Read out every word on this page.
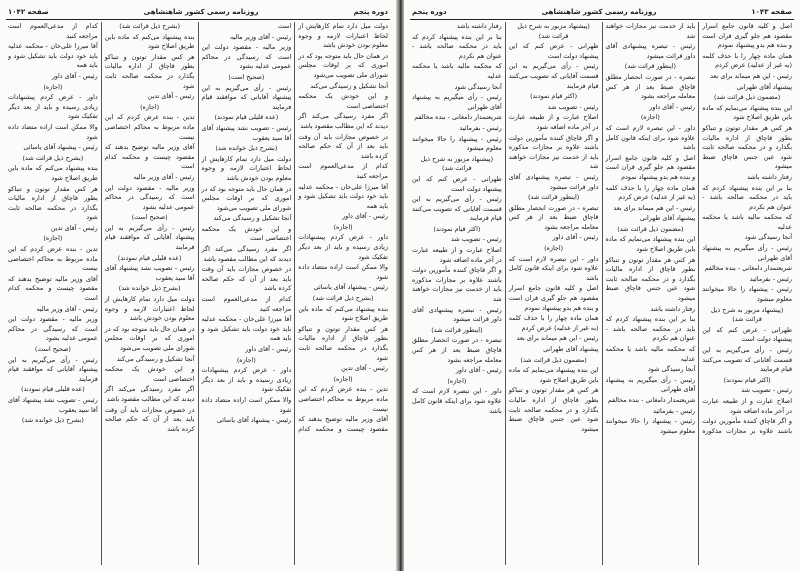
دوره پنجم
روزنامه رسمی کشور شاهنشاهی
صفحه ۱۰۴۲

دولت میل دارد تمام کارهایش از لحاظ اعتبارات لازمه و وجوه معلوم بودن خودش باشد

در همان حال باید متوجه بود که در اموری که بر اوقات مجلس شورای ملی تصویب می‌شود

آنجا تشکیل و رسیدگی می‌کند

و این خودش یک محکمه اختصاصی است

اگر مفرد رسیدگی می‌کند اگر دیدند که این مطالب مقصود باشد

در خصوص مجازات باید آن وقت باید بعد از آن که حکم صالحه کرده باشد

کدام از مدعی‌العموم است مراجعه کنید

آقا میرزا علی‌خان - محکمه عدلیه باید خود دولت باید تشکیل شود و باید همه

رئیس - آقای داور

(اجازه)

داور - عرض کردم پیشنهادات زیادی رسیده و باید از بعد دیگر تفکیک شود

والا ممکن است اراده متضاد داده شود

رئیس - پیشنهاد آقای یاسائی

(بشرح ذیل قرائت شد)

بنده پیشنهاد می‌کنم که ماده باین طریق اصلاح شود

هر کس مقدار توتون و تنباکو بطور قاچاق از اداره مالیات بگذارد در محکمه صالحه ثابت شود

رئیس - آقای تدین

(اجازه)

تدین - بنده عرض کردم که این ماده مربوط به محاکم اختصاصی نیست

آقای وزیر مالیه توضیح بدهند که مقصود چیست و محکمه کدام است

رئیس - آقای وزیر مالیه

وزیر مالیه - مقصود دولت این است که رسیدگی در محاکم عمومی عدلیه بشود

(صحیح است)

رئیس - رأی می‌گیریم به این پیشنهاد آقایانی که موافقند قیام فرمایند

(عده قلیلی قیام نمودند)

رئیس - تصویب نشد پیشنهاد آقای آقا سید یعقوب

(بشرح ذیل خوانده شد)

دولت میل دارد تمام کارهایش از لحاظ اعتبارات لازمه و وجوه معلوم بودن خودش باشد

در همان حال باید متوجه بود که در اموری که بر اوقات مجلس شورای ملی تصویب می‌شود

آنجا تشکیل و رسیدگی می‌کند

و این خودش یک محکمه اختصاصی است

اگر مفرد رسیدگی می‌کند اگر دیدند که این مطالب مقصود باشد

در خصوص مجازات باید آن وقت باید بعد از آن که حکم صالحه کرده باشد

کدام از مدعی‌العموم است مراجعه کنید

آقا میرزا علی‌خان - محکمه عدلیه باید خود دولت باید تشکیل شود و باید همه

رئیس - آقای داور

(اجازه)

داور - عرض کردم پیشنهادات زیادی رسیده و باید از بعد دیگر تفکیک شود

والا ممکن است اراده متضاد داده شود

رئیس - پیشنهاد آقای یاسائی

(بشرح ذیل قرائت شد)

بنده پیشنهاد می‌کنم که ماده باین طریق اصلاح شود

هر کس مقدار توتون و تنباکو بطور قاچاق از اداره مالیات بگذارد در محکمه صالحه ثابت شود

رئیس - آقای تدین

(اجازه)

تدین - بنده عرض کردم که این ماده مربوط به محاکم اختصاصی نیست

آقای وزیر مالیه توضیح بدهند که مقصود چیست و محکمه کدام است

رئیس - آقای وزیر مالیه

وزیر مالیه - مقصود دولت این است که رسیدگی در محاکم عمومی عدلیه بشود

(صحیح است)

رئیس - رأی می‌گیریم به این پیشنهاد آقایانی که موافقند قیام فرمایند

(عده قلیلی قیام نمودند)

رئیس - تصویب نشد پیشنهاد آقای آقا سید یعقوب

(بشرح ذیل خوانده شد)

دولت میل دارد تمام کارهایش از لحاظ اعتبارات لازمه و وجوه معلوم بودن خودش باشد

در همان حال باید متوجه بود که در اموری که بر اوقات مجلس شورای ملی تصویب می‌شود

آنجا تشکیل و رسیدگی می‌کند

و این خودش یک محکمه اختصاصی است

اگر مفرد رسیدگی می‌کند اگر دیدند که این مطالب مقصود باشد

در خصوص مجازات باید آن وقت باید بعد از آن که حکم صالحه کرده باشد

کدام از مدعی‌العموم است مراجعه کنید

آقا میرزا علی‌خان - محکمه عدلیه باید خود دولت باید تشکیل شود و باید همه

رئیس - آقای داور

(اجازه)

داور - عرض کردم پیشنهادات زیادی رسیده و باید از بعد دیگر تفکیک شود

والا ممکن است اراده متضاد داده شود

رئیس - پیشنهاد آقای یاسائی

(بشرح ذیل قرائت شد)

بنده پیشنهاد می‌کنم که ماده باین طریق اصلاح شود

هر کس مقدار توتون و تنباکو بطور قاچاق از اداره مالیات بگذارد در محکمه صالحه ثابت شود

رئیس - آقای تدین

(اجازه)

تدین - بنده عرض کردم که این ماده مربوط به محاکم اختصاصی نیست

آقای وزیر مالیه توضیح بدهند که مقصود چیست و محکمه کدام است

رئیس - آقای وزیر مالیه

وزیر مالیه - مقصود دولت این است که رسیدگی در محاکم عمومی عدلیه بشود

(صحیح است)

رئیس - رأی می‌گیریم به این پیشنهاد آقایانی که موافقند قیام فرمایند

(عده قلیلی قیام نمودند)

رئیس - تصویب نشد پیشنهاد آقای آقا سید یعقوب

(بشرح ذیل خوانده شد)

صفحه ۱۰۴۳
روزنامه رسمی کشور شاهنشاهی
دوره پنجم

اصل و کلیه قانون جامع اسرار مقصود هم جلو گیری قران است و بنده هم بدو پیشنهاد نمودم

همان ماده چهار را با حذف کلمه (به غیر از عدلیه) عرض کردم

رئیس - این هم میماند برای بعد

پیشنهاد آقای طهرانی

(مضمون ذیل قرائت شد)

این بنده پیشنهاد می‌نمایم که ماده باین طریق اصلاح شود

هر کس هر مقدار توتون و تنباکو بطور قاچاق از اداره مالیات بگذارد و در محکمه صالحه ثابت شود عین جنس قاچاق ضبط میشود

رفتار داشته باشد

بنا بر این بنده پیشنهاد کردم که باید در محکمه صالحه باشد - عنوان هم نکردم

که محکمه مالیه باشد یا محکمه عدلیه

آنجا رسیدگی شود

رئیس - رأی میگیریم به پیشنهاد آقای طهرانی

شریعتمدار دامغانی - بنده مخالفم

رئیس - بفرمائید

رئیس - پیشنهاد را حالا میخوانند معلوم میشود

(پیشنهاد مزبور به شرح ذیل قرائت شد)

طهرانی - عرض کنم که این پیشنهاد دولت است

رئیس - رأی می‌گیریم به این قسمت آقایانی که تصویب می‌کنند قیام فرمایند

(اکثر قیام نمودند)

رئیس - تصویب شد

اصلاح عبارت و از طبیعه عبارت در آخر ماده اضافه شود

و اگر قاچاق کننده مأمورین دولت باشند علاوه بر مجازات مذکوره باید از خدمت نیز مجازات خواهند شد

رئیس - تبصره پیشنهادی آقای داور قرائت میشود

(اینطور قرائت شد)

تبصره - در صورت انحصار مطلق قاچاق ضبط بعد از هر کس معامله مراجعه بشود

رئیس - آقای داور

(اجازه)

داور - این تبصره لازم است که علاوه شود برای اینکه قانون کامل باشد

اصل و کلیه قانون جامع اسرار مقصود هم جلو گیری قران است و بنده هم بدو پیشنهاد نمودم

همان ماده چهار را با حذف کلمه (به غیر از عدلیه) عرض کردم

رئیس - این هم میماند برای بعد

پیشنهاد آقای طهرانی

(مضمون ذیل قرائت شد)

این بنده پیشنهاد می‌نمایم که ماده باین طریق اصلاح شود

هر کس هر مقدار توتون و تنباکو بطور قاچاق از اداره مالیات بگذارد و در محکمه صالحه ثابت شود عین جنس قاچاق ضبط میشود

رفتار داشته باشد

بنا بر این بنده پیشنهاد کردم که باید در محکمه صالحه باشد - عنوان هم نکردم

که محکمه مالیه باشد یا محکمه عدلیه

آنجا رسیدگی شود

رئیس - رأی میگیریم به پیشنهاد آقای طهرانی

شریعتمدار دامغانی - بنده مخالفم

رئیس - بفرمائید

رئیس - پیشنهاد را حالا میخوانند معلوم میشود

(پیشنهاد مزبور به شرح ذیل قرائت شد)

طهرانی - عرض کنم که این پیشنهاد دولت است

رئیس - رأی می‌گیریم به این قسمت آقایانی که تصویب می‌کنند قیام فرمایند

(اکثر قیام نمودند)

رئیس - تصویب شد

اصلاح عبارت و از طبیعه عبارت در آخر ماده اضافه شود

و اگر قاچاق کننده مأمورین دولت باشند علاوه بر مجازات مذکوره باید از خدمت نیز مجازات خواهند شد

رئیس - تبصره پیشنهادی آقای داور قرائت میشود

(اینطور قرائت شد)

تبصره - در صورت انحصار مطلق قاچاق ضبط بعد از هر کس معامله مراجعه بشود

رئیس - آقای داور

(اجازه)

داور - این تبصره لازم است که علاوه شود برای اینکه قانون کامل باشد

اصل و کلیه قانون جامع اسرار مقصود هم جلو گیری قران است و بنده هم بدو پیشنهاد نمودم

همان ماده چهار را با حذف کلمه (به غیر از عدلیه) عرض کردم

رئیس - این هم میماند برای بعد

پیشنهاد آقای طهرانی

(مضمون ذیل قرائت شد)

این بنده پیشنهاد می‌نمایم که ماده باین طریق اصلاح شود

هر کس هر مقدار توتون و تنباکو بطور قاچاق از اداره مالیات بگذارد و در محکمه صالحه ثابت شود عین جنس قاچاق ضبط میشود

رفتار داشته باشد

بنا بر این بنده پیشنهاد کردم که باید در محکمه صالحه باشد - عنوان هم نکردم

که محکمه مالیه باشد یا محکمه عدلیه

آنجا رسیدگی شود

رئیس - رأی میگیریم به پیشنهاد آقای طهرانی

شریعتمدار دامغانی - بنده مخالفم

رئیس - بفرمائید

رئیس - پیشنهاد را حالا میخوانند معلوم میشود

(پیشنهاد مزبور به شرح ذیل قرائت شد)

طهرانی - عرض کنم که این پیشنهاد دولت است

رئیس - رأی می‌گیریم به این قسمت آقایانی که تصویب می‌کنند قیام فرمایند

(اکثر قیام نمودند)

رئیس - تصویب شد

اصلاح عبارت و از طبیعه عبارت در آخر ماده اضافه شود

و اگر قاچاق کننده مأمورین دولت باشند علاوه بر مجازات مذکوره باید از خدمت نیز مجازات خواهند شد

رئیس - تبصره پیشنهادی آقای داور قرائت میشود

(اینطور قرائت شد)

تبصره - در صورت انحصار مطلق قاچاق ضبط بعد از هر کس معامله مراجعه بشود

رئیس - آقای داور

(اجازه)

داور - این تبصره لازم است که علاوه شود برای اینکه قانون کامل باشد
